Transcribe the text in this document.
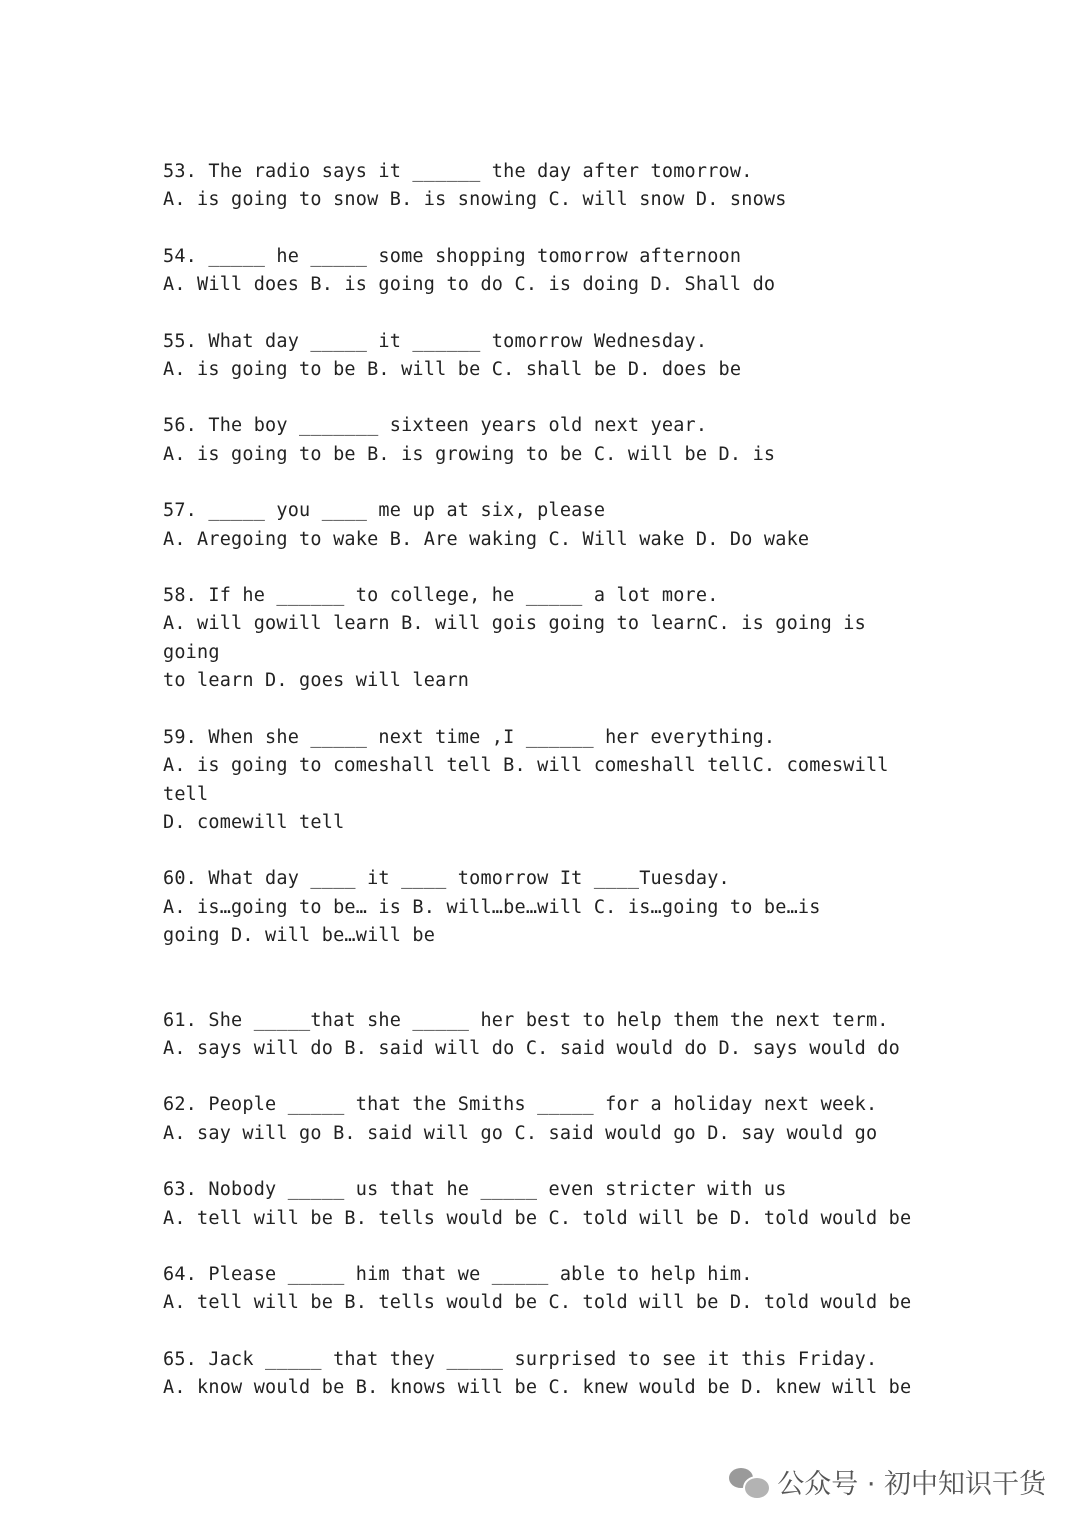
53. The radio says it ______ the day after tomorrow.
A. is going to snow B. is snowing C. will snow D. snows
54. _____ he _____ some shopping tomorrow afternoon
A. Will does B. is going to do C. is doing D. Shall do
55. What day _____ it ______ tomorrow Wednesday.
A. is going to be B. will be C. shall be D. does be
56. The boy _______ sixteen years old next year.
A. is going to be B. is growing to be C. will be D. is
57. _____ you ____ me up at six, please
A. Aregoing to wake B. Are waking C. Will wake D. Do wake
58. If he ______ to college, he _____ a lot more.
A. will gowill learn B. will gois going to learnC. is going is going
to learn D. goes will learn
59. When she _____ next time ,I ______ her everything.
A. is going to comeshall tell B. will comeshall tellC. comeswill tell
D. comewill tell
60. What day ____ it ____ tomorrow It ____Tuesday.
A. is…going to be… is B. will…be…will C. is…going to be…is
going D. will be…will be
61. She _____that she _____ her best to help them the next term.
A. says will do B. said will do C. said would do D. says would do
62. People _____ that the Smiths _____ for a holiday next week.
A. say will go B. said will go C. said would go D. say would go
63. Nobody _____ us that he _____ even stricter with us
A. tell will be B. tells would be C. told will be D. told would be
64. Please _____ him that we _____ able to help him.
A. tell will be B. tells would be C. told will be D. told would be
65. Jack _____ that they _____ surprised to see it this Friday.
A. know would be B. knows will be C. knew would be D. knew will be
公众号 · 初中知识干货
